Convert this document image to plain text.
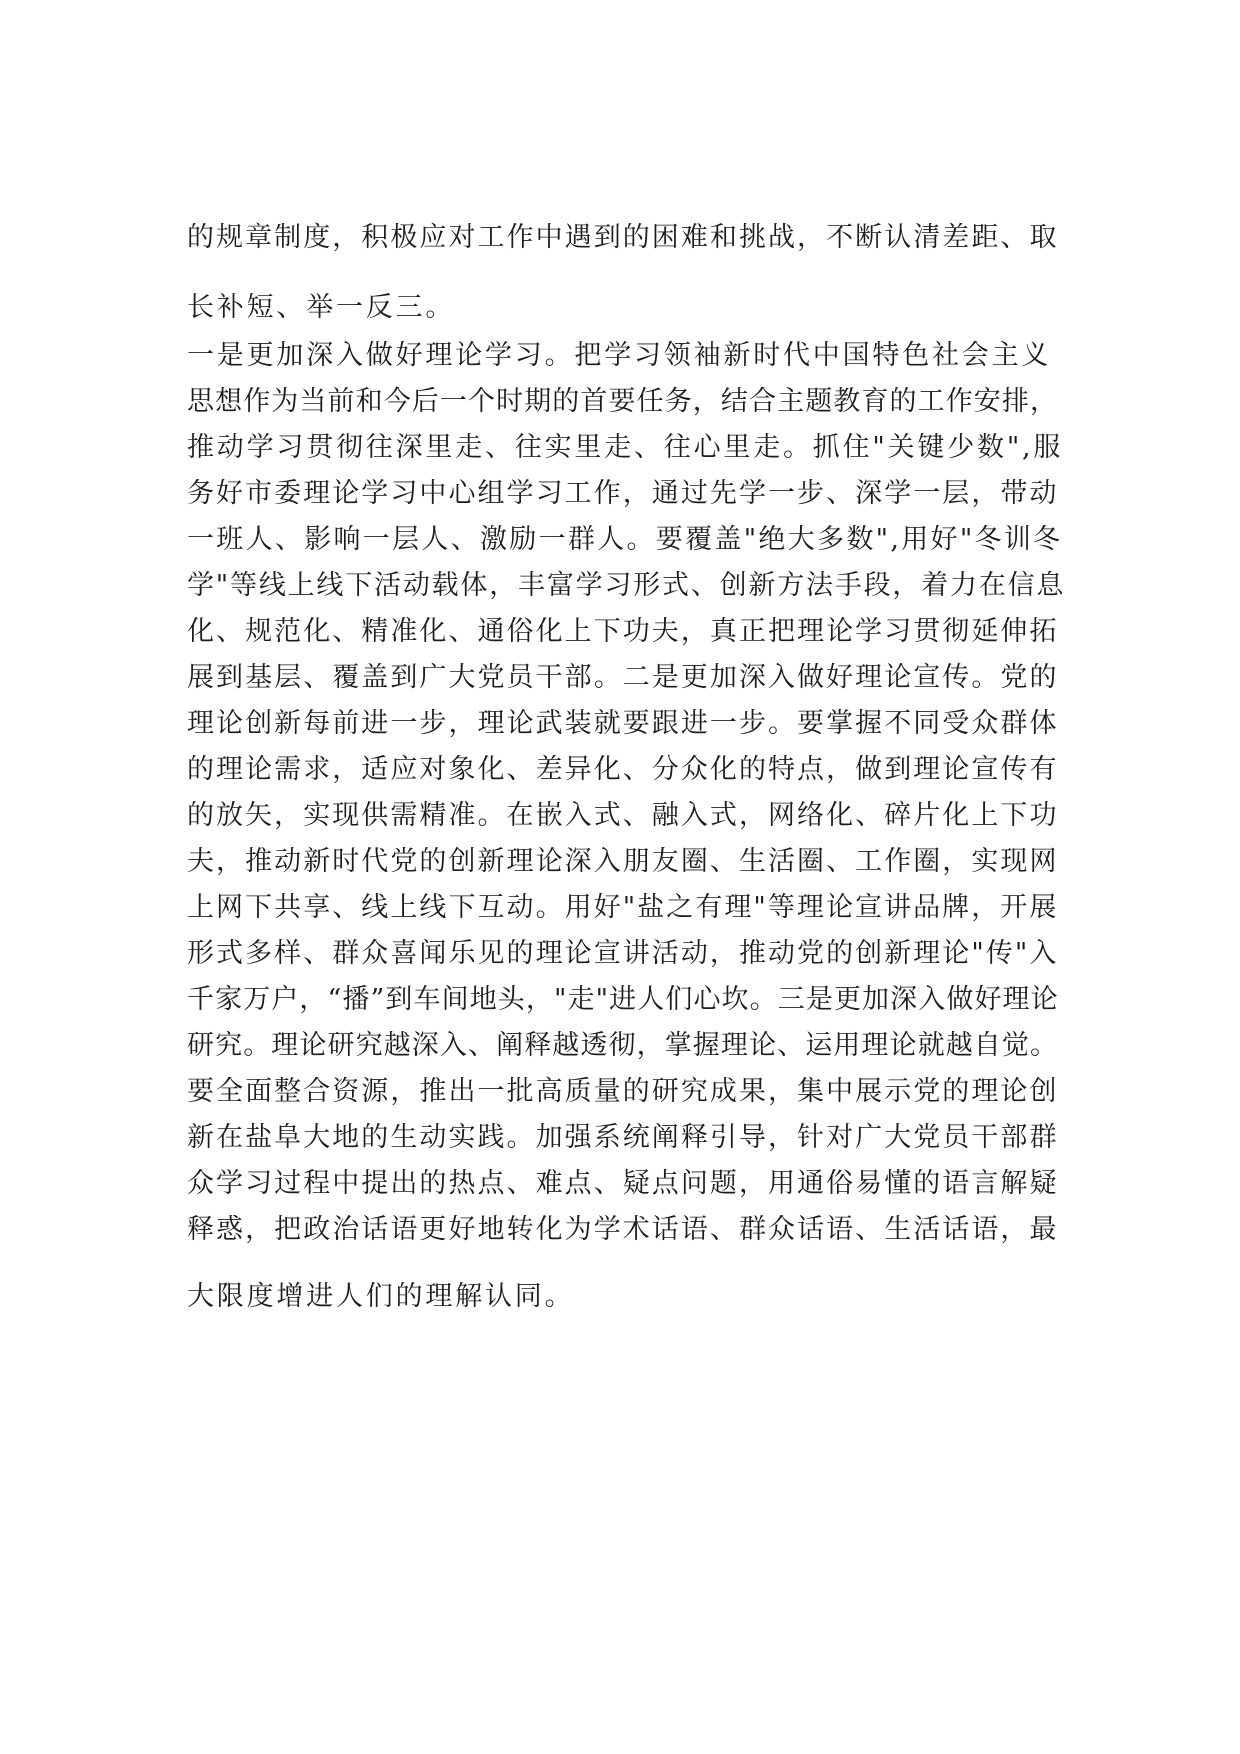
的规章制度，积极应对工作中遇到的困难和挑战，不断认清差距、取

长补短、举一反三。

一是更加深入做好理论学习。把学习领袖新时代中国特色社会主义

思想作为当前和今后一个时期的首要任务，结合主题教育的工作安排，

推动学习贯彻往深里走、往实里走、往心里走。抓住"关键少数",服

务好市委理论学习中心组学习工作，通过先学一步、深学一层，带动

一班人、影响一层人、激励一群人。要覆盖"绝大多数",用好"冬训冬

学"等线上线下活动载体，丰富学习形式、创新方法手段，着力在信息

化、规范化、精准化、通俗化上下功夫，真正把理论学习贯彻延伸拓

展到基层、覆盖到广大党员干部。二是更加深入做好理论宣传。党的

理论创新每前进一步，理论武装就要跟进一步。要掌握不同受众群体

的理论需求，适应对象化、差异化、分众化的特点，做到理论宣传有

的放矢，实现供需精准。在嵌入式、融入式，网络化、碎片化上下功

夫，推动新时代党的创新理论深入朋友圈、生活圈、工作圈，实现网

上网下共享、线上线下互动。用好"盐之有理"等理论宣讲品牌，开展

形式多样、群众喜闻乐见的理论宣讲活动，推动党的创新理论"传"入

千家万户，“播”到车间地头，"走"进人们心坎。三是更加深入做好理论

研究。理论研究越深入、阐释越透彻，掌握理论、运用理论就越自觉。

要全面整合资源，推出一批高质量的研究成果，集中展示党的理论创

新在盐阜大地的生动实践。加强系统阐释引导，针对广大党员干部群

众学习过程中提出的热点、难点、疑点问题，用通俗易懂的语言解疑

释惑，把政治话语更好地转化为学术话语、群众话语、生活话语，最

大限度增进人们的理解认同。
